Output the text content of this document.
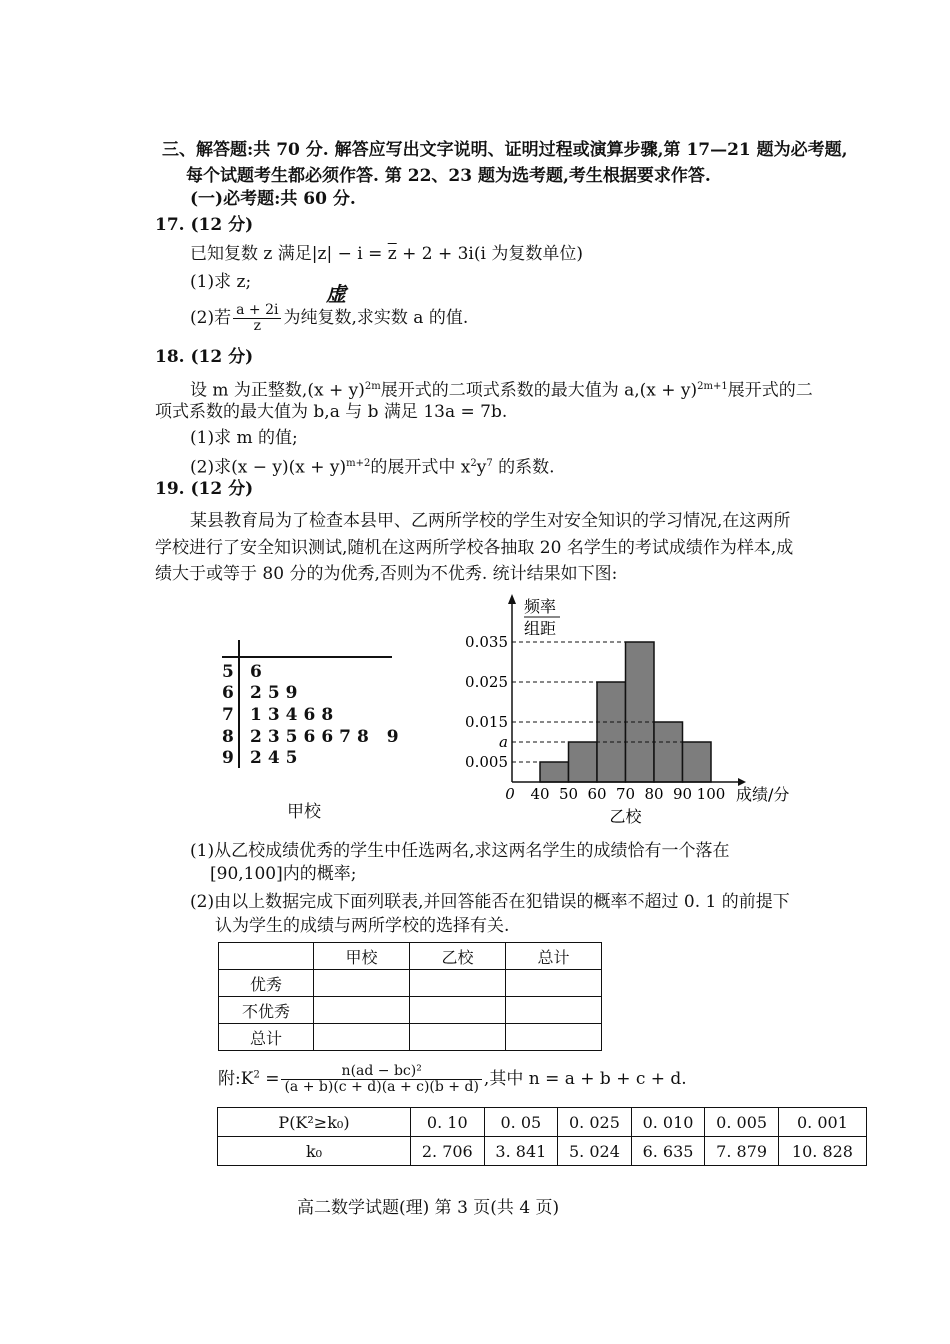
三、解答题:共 70 分. 解答应写出文字说明、证明过程或演算步骤,第 17—21 题为必考题,
每个试题考生都必须作答. 第 22、23 题为选考题,考生根据要求作答.
(一)必考题:共 60 分.
17. (12 分)
已知复数 z 满足$|z| - i = \overline{z} + 2 + 3i(i$ 为复数单位)
(1)求 z;
(2)若 $\frac{a + 2i}{z}$ 为纯复数,求实数 a 的值.
虚
18. (12 分)
设 m 为正整数$,(x + y)^{2m}$展开式的二项式系数的最大值为 $a,(x + y)^{2m+1}$展开式的二
项式系数的最大值为 b,a 与 b 满足 13a = 7b.
(1)求 m 的值;
(2)求$(x - y)(x + y)^{m+2}$的展开式中 $x^2y^7$ 的系数.
19. (12 分)
某县教育局为了检查本县甲、乙两所学校的学生对安全知识的学习情况,在这两所
学校进行了安全知识测试,随机在这两所学校各抽取 20 名学生的考试成绩作为样本,成
绩大于或等于 80 分的为优秀,否则为不优秀. 统计结果如下图:
5 6
6 259
7 13468
8 2356678 9
9 245
甲校
0.035
0.025
0.015
a
0.005
0 40 50 60 70 80 90 100 成绩/分
频率
组距
乙校
(1)从乙校成绩优秀的学生中任选两名,求这两名学生的成绩恰有一个落在
[90,100]内的概率;
(2)由以上数据完成下面列联表,并回答能否在犯错误的概率不超过 0. 1 的前提下
认为学生的成绩与两所学校的选择有关.
	甲校	乙校	总计
优秀			
不优秀			
总计			
附$:K^2 = \frac{\text{n(ad − bc)²}}{(a + b)(c + d)(a + c)(b + d)}$ ,其中 n = a + b + c + d.
P(K²≥k₀)	0. 10	0. 05	0. 025	0. 010	0. 005	0. 001
k₀	2. 706	3. 841	5. 024	6. 635	7. 879	10. 828
高二数学试题(理) 第 3 页(共 4 页)
